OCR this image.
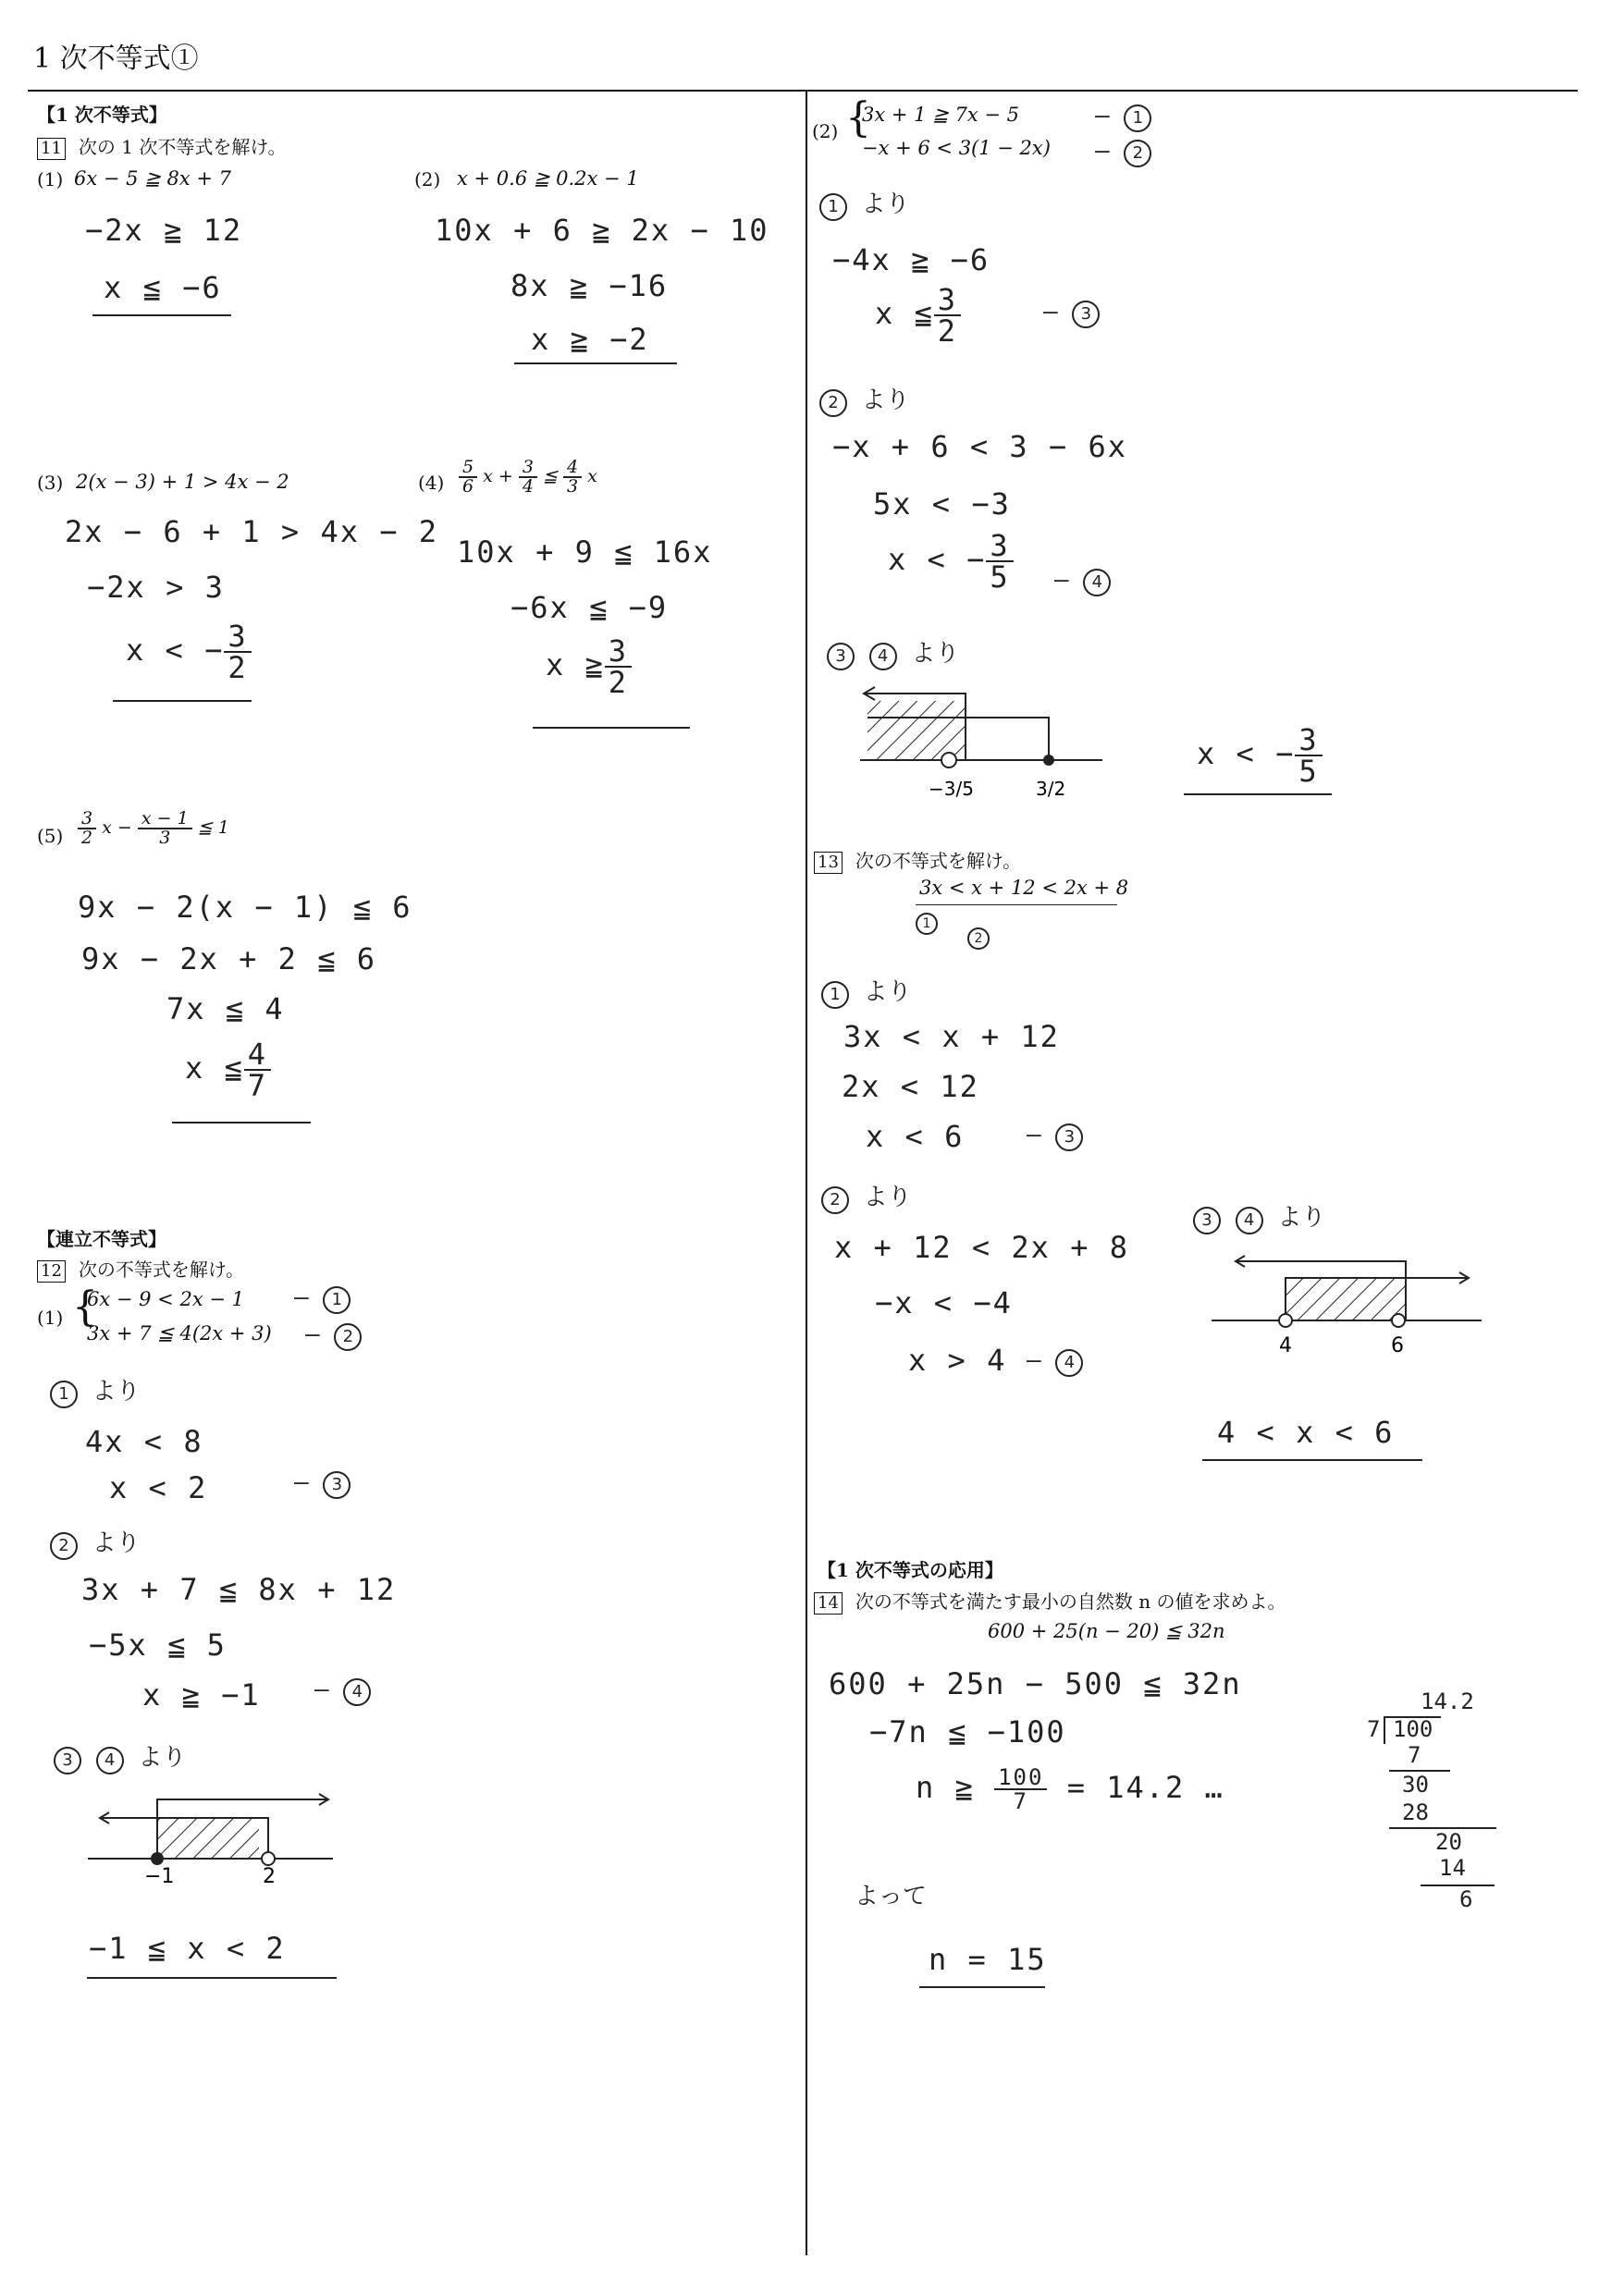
1 次不等式①
【1 次不等式】
11 次の 1 次不等式を解け。
(1) 6x − 5 ≧ 8x + 7
−2x ≧ 12
x ≦ −6
(2) x + 0.6 ≧ 0.2x − 1
10x + 6 ≧ 2x − 10
8x ≧ −16
x ≧ −2
(3) 2(x − 3) + 1 > 4x − 2
2x − 6 + 1 > 4x − 2
−2x > 3
x < − $\frac{3}{2}$
$(4) \frac{5}{6}$ $x + \frac{3}{4}$ ≦ $\frac{4}{3}$ x
10x + 9 ≦ 16x
−6x ≦ −9
x ≧ $\frac{3}{2}$
$(5) \frac{3}{2}$ $x - \frac{x - 1}{3}$ ≦ 1
9x − 2(x − 1) ≦ 6
9x − 2x + 2 ≦ 6
7x ≦ 4
x ≦ $\frac{4}{7}$
【連立不等式】
12 次の不等式を解け。
(1) {
6x − 9 < 2x − 1
3x + 7 ≦ 4(2x + 3)
— 1
— 2
1 より
4x < 8
x < 2	— 3
2 より
3x + 7 ≦ 8x + 12
−5x ≦ 5
x ≧ −1 — 4
3 4 より
−1	2
−1 ≦ x < 2
(2) {
3x + 1 ≧ 7x − 5
−x + 6 < 3(1 − 2x)
— 1
— 2
1 より
−4x ≧ −6
x ≦ $\frac{3}{2}$	— 3
2 より
−x + 6 < 3 − 6x
5x < −3
x < − $\frac{3}{5}$ — 4
3 4 より
−3/5	3/2
x < − $\frac{3}{5}$
13 次の不等式を解け。
3x < x + 12 < 2x + 8
1
2
1 より
3x < x + 12
2x < 12
x < 6	— 3
2 より
x + 12 < 2x + 8
−x < −4
x > 4 — 4
3 4 より
4	6
4 < x < 6
【1 次不等式の応用】
14 次の不等式を満たす最小の自然数 n の値を求めよ。
600 + 25(n − 20) ≦ 32n
600 + 25n − 500 ≦ 32n
−7n ≦ −100
n ≧ $\frac{100}{7} = 14.2$ …
14.2
7 100
7
30
28
20
14
6
よって
n = 15
